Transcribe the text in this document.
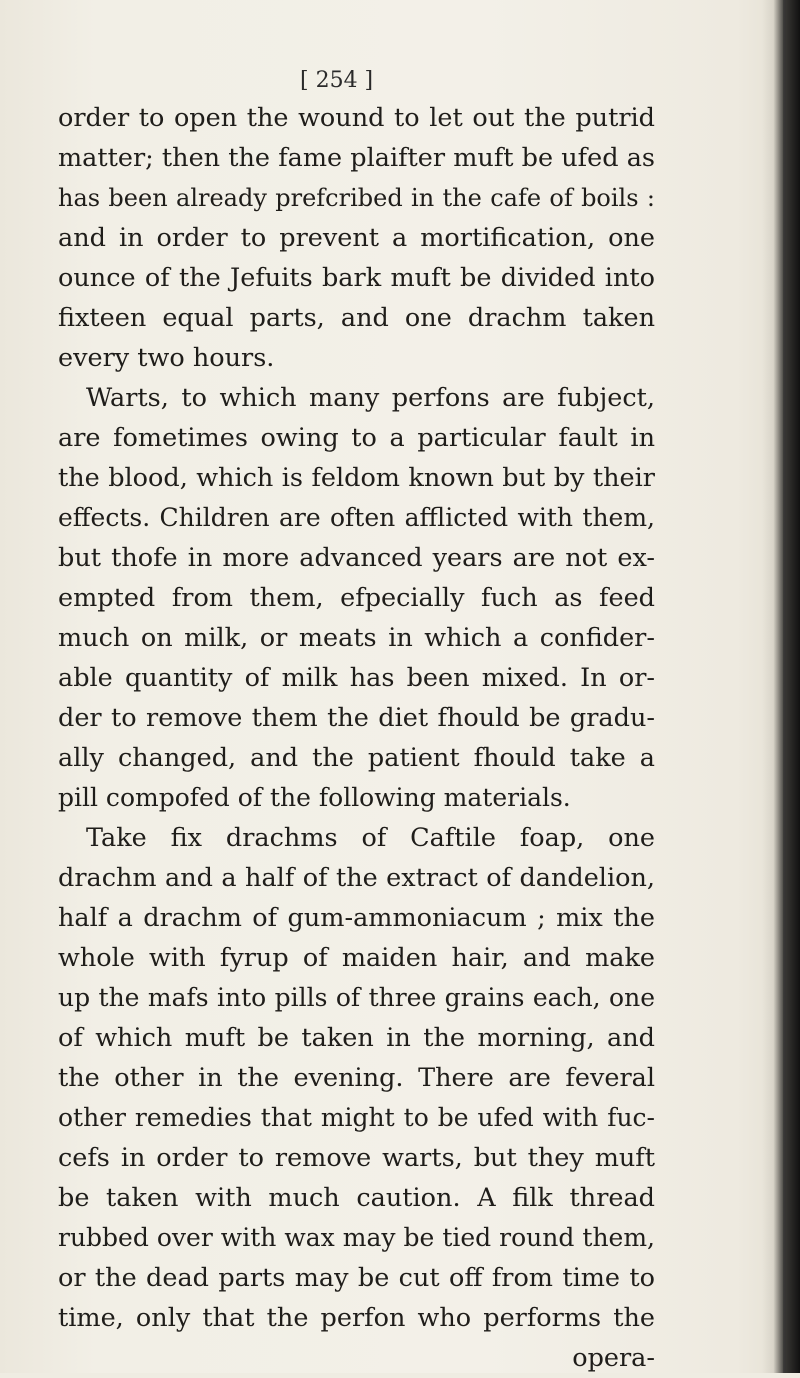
[ 254 ]
order to open the wound to let out the putrid
matter; then the fame plaifter muft be ufed as
has been already prefcribed in the cafe of boils :
and in order to prevent a mortification, one
ounce of the Jefuits bark muft be divided into
fixteen equal parts, and one drachm taken
every two hours.
Warts, to which many perfons are fubject,
are fometimes owing to a particular fault in
the blood, which is feldom known but by their
effects. Children are often afflicted with them,
but thofe in more advanced years are not ex-
empted from them, efpecially fuch as feed
much on milk, or meats in which a confider-
able quantity of milk has been mixed. In or-
der to remove them the diet fhould be gradu-
ally changed, and the patient fhould take a
pill compofed of the following materials.
Take fix drachms of Caftile foap, one
drachm and a half of the extract of dandelion,
half a drachm of gum-ammoniacum ; mix the
whole with fyrup of maiden hair, and make
up the mafs into pills of three grains each, one
of which muft be taken in the morning, and
the other in the evening. There are feveral
other remedies that might to be ufed with fuc-
cefs in order to remove warts, but they muft
be taken with much caution. A filk thread
rubbed over with wax may be tied round them,
or the dead parts may be cut off from time to
time, only that the perfon who performs the
opera-
